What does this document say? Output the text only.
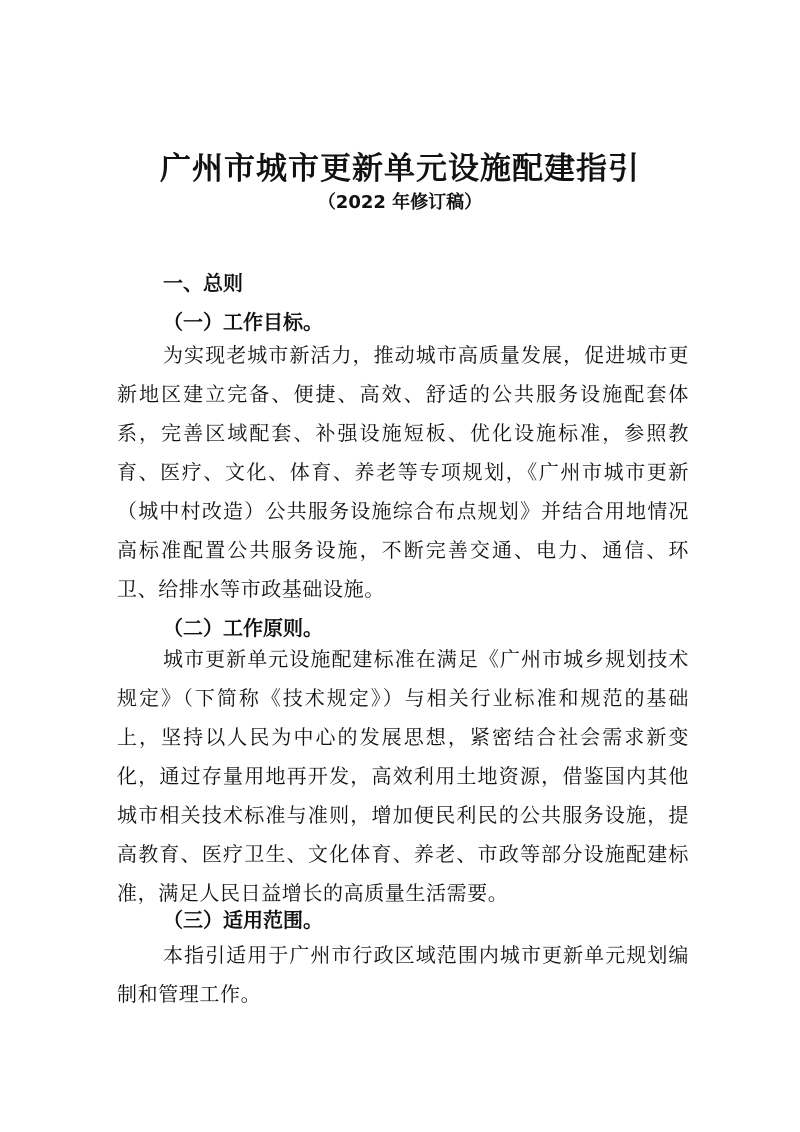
广州市城市更新单元设施配建指引
（2022 年修订稿）
一、总则
（一）工作目标。
为实现老城市新活力，推动城市高质量发展，促进城市更新地区建立完备、便捷、高效、舒适的公共服务设施配套体系，完善区域配套、补强设施短板、优化设施标准，参照教育、医疗、文化、体育、养老等专项规划，《广州市城市更新（城中村改造）公共服务设施综合布点规划》并结合用地情况高标准配置公共服务设施，不断完善交通、电力、通信、环卫、给排水等市政基础设施。
（二）工作原则。
城市更新单元设施配建标准在满足《广州市城乡规划技术规定》（下简称《技术规定》）与相关行业标准和规范的基础上，坚持以人民为中心的发展思想，紧密结合社会需求新变化，通过存量用地再开发，高效利用土地资源，借鉴国内其他城市相关技术标准与准则，增加便民利民的公共服务设施，提高教育、医疗卫生、文化体育、养老、市政等部分设施配建标准，满足人民日益增长的高质量生活需要。
（三）适用范围。
本指引适用于广州市行政区域范围内城市更新单元规划编制和管理工作。
